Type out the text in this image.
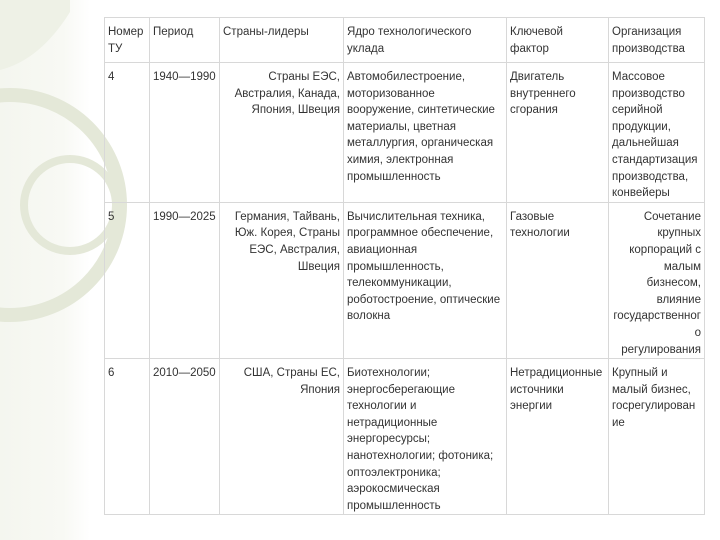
Номер ТУ	Период	Страны-лидеры	Ядро технологического уклада	Ключевой фактор	Организация производства
4	1940—1990	Страны ЕЭС, Австралия, Канада, Япония, Швеция	Автомобилестроение, моторизованное вооружение, синтетические материалы, цветная металлургия, органическая химия, электронная промышленность	Двигатель внутреннего сгорания	Массовое производство серийной продукции, дальнейшая стандартизация производства, конвейеры
5	1990—2025	Германия, Тайвань, Юж. Корея, Страны ЕЭС, Австралия, Швеция	Вычислительная техника, программное обеспечение, авиационная промышленность, телекоммуникации, роботостроение, оптические волокна	Газовые технологии	Сочетание крупных корпораций с малым бизнесом, влияние государственного регулирования
6	2010—2050	США, Страны ЕС, Япония	Биотехнологии; энергосберегающие технологии и нетрадиционные энергоресурсы; нанотехнологии; фотоника; оптоэлектроника; аэрокосмическая промышленность	Нетрадиционные источники энергии	Крупный и малый бизнес, госрегулирование
